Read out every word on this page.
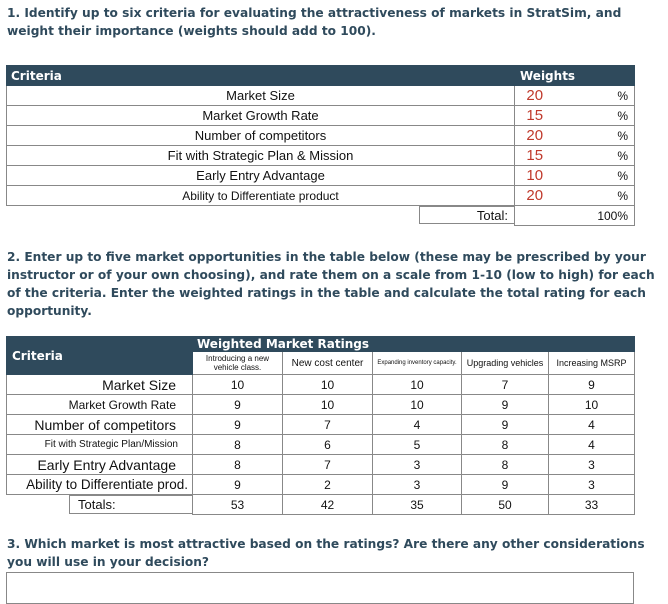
1. Identify up to six criteria for evaluating the attractiveness of markets in StratSim, and weight their importance (weights should add to 100).

Criteria	Weights	
Market Size	20	%
Market Growth Rate	15	%
Number of competitors	20	%
Fit with Strategic Plan & Mission	15	%
Early Entry Advantage	10	%
Ability to Differentiate product	20	%

Total:		100%

2. Enter up to five market opportunities in the table below (these may be prescribed by your instructor or of your own choosing), and rate them on a scale from 1-10 (low to high) for each of the criteria. Enter the weighted ratings in the table and calculate the total rating for each opportunity.

Criteria	Weighted Market Ratings				
	Introducing a new vehicle class.	New cost center	Expanding inventory capacity.	Upgrading vehicles	Increasing MSRP
Market Size	10	10	10	7	9
Market Growth Rate	9	10	10	9	10
Number of competitors	9	7	4	9	4
Fit with Strategic Plan/Mission	8	6	5	8	4
Early Entry Advantage	8	7	3	8	3
Ability to Differentiate prod.	9	2	3	9	3

Totals:	53	42	35	50	33

3. Which market is most attractive based on the ratings? Are there any other considerations you will use in your decision?
